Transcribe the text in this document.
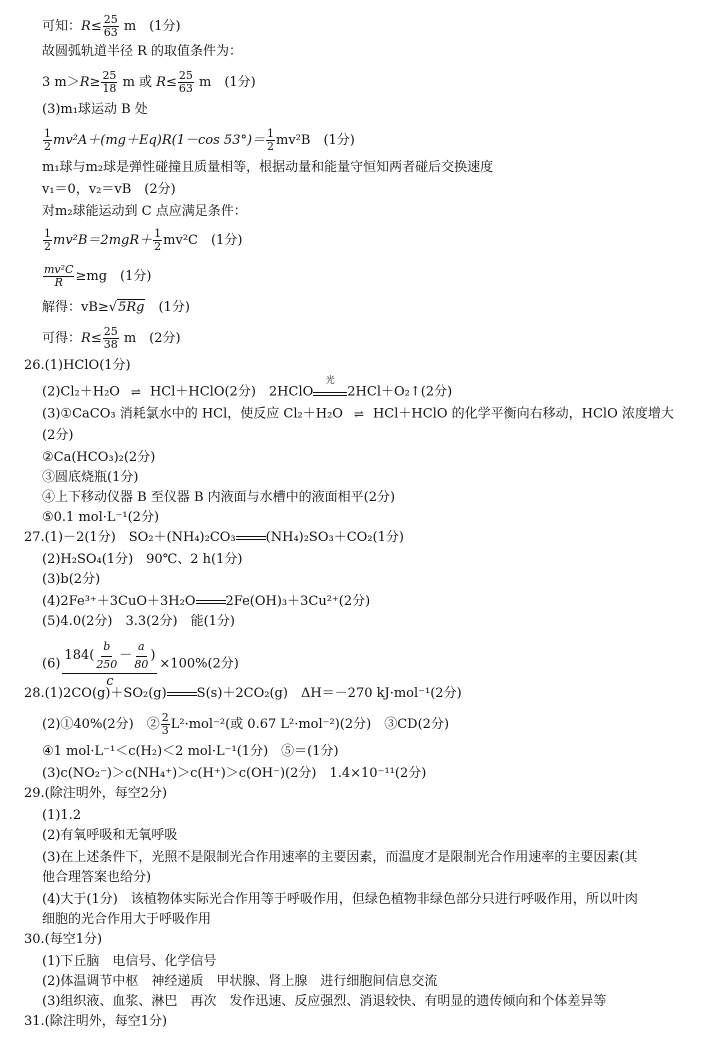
可知：$R\le \frac{25}{63}$ m　(1分)
故圆弧轨道半径 R 的取值条件为：
3 $m>R\ge \frac{25}{18}$ m 或 $R\le \frac{25}{63}$ m　(1分)
(3)m₁球运动 B 处
$\frac{1}{2} mv^2A+(mg+Eq)R(1-\cos$ $53^\circ)= \frac{1}{2} mv^2B$　(1分)
m₁球与m₂球是弹性碰撞且质量相等，根据动量和能量守恒知两者碰后交换速度
v₁＝0，v₂＝vB　(2分)
对m₂球能运动到 C 点应满足条件：
$\frac{1}{2} mv^2B=2mgR+ \frac{1}{2} mv^2C$　(1分)
$\frac{\text{mv²C}}{R} \ge mg$　(1分)
解得：vB≥√5Rg　(1分)
可得：$R\le \frac{25}{38}$ m　(2分)
26.(1)HClO(1分)
(2)Cl₂＋H₂O ⇌ HCl＋HClO(2分)　2HClO
光
2HCl＋O₂↑(2分)
(3)①CaCO₃ 消耗氯水中的 HCl，使反应 Cl₂＋H₂O ⇌ HCl＋HClO 的化学平衡向右移动，HClO 浓度增大
(2分)
②Ca(HCO₃)₂(2分)
③圆底烧瓶(1分)
④上下移动仪器 B 至仪器 B 内液面与水槽中的液面相平(2分)
⑤0.1 mol·L⁻¹(2分)
27.(1)－2(1分)　SO₂＋(NH₄)₂CO₃ (NH₄)₂SO₃＋CO₂(1分)
(2)H₂SO₄(1分)　90℃、2 h(1分)
(3)b(2分)
(4)2Fe³⁺＋3CuO＋3H₂O 2Fe(OH)₃＋3Cu²⁺(2分)
(5)4.0(2分)　3.3(2分)　能(1分)
$(6) \frac{184( \frac{b}{250} - \frac{a}{80} )}{c} \times 100\%(2$分)
28.(1)2CO(g)＋SO₂(g) S(s)＋2CO₂(g)　ΔH＝－270 kJ·mol⁻¹(2分)
(2)①40%(2分)　② $\frac{2}{3} L^2\cdot mol^{-2}$(或 0.67 L²·mol⁻²)(2分)　③CD(2分)
④1 mol·L⁻¹＜c(H₂)＜2 mol·L⁻¹(1分)　⑤＝(1分)
(3)c(NO₂⁻)＞c(NH₄⁺)＞c(H⁺)＞c(OH⁻)(2分)　1.4×10⁻¹¹(2分)
29.(除注明外，每空2分)
(1)1.2
(2)有氧呼吸和无氧呼吸
(3)在上述条件下，光照不是限制光合作用速率的主要因素，而温度才是限制光合作用速率的主要因素(其
他合理答案也给分)
(4)大于(1分)　该植物体实际光合作用等于呼吸作用，但绿色植物非绿色部分只进行呼吸作用，所以叶肉
细胞的光合作用大于呼吸作用
30.(每空1分)
(1)下丘脑　电信号、化学信号
(2)体温调节中枢　神经递质　甲状腺、肾上腺　进行细胞间信息交流
(3)组织液、血浆、淋巴　再次　发作迅速、反应强烈、消退较快、有明显的遗传倾向和个体差异等
31.(除注明外，每空1分)
